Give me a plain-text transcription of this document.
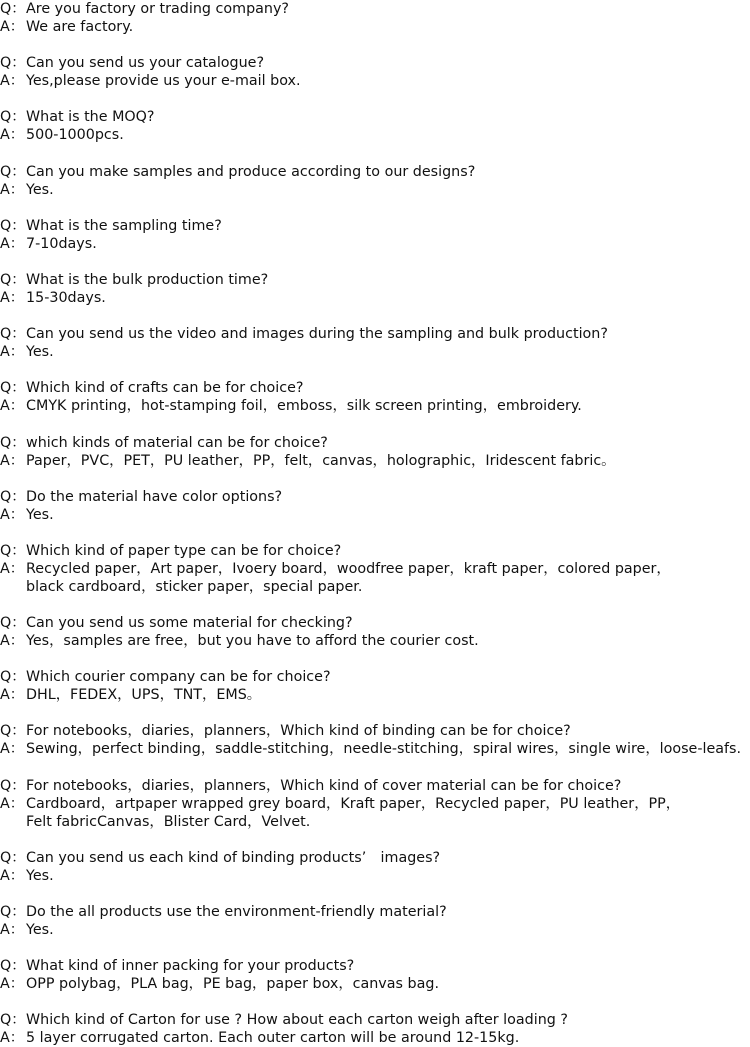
Q：Are you factory or trading company?
A： We are factory.
Q：Can you send us your catalogue?
A： Yes,please provide us your e-mail box.
Q：What is the MOQ?
A： 500-1000pcs.
Q：Can you make samples and produce according to our designs?
A： Yes.
Q：What is the sampling time?
A： 7-10days.
Q：What is the bulk production time?
A： 15-30days.
Q：Can you send us the video and images during the sampling and bulk production?
A： Yes.
Q：Which kind of crafts can be for choice?
A： CMYK printing，hot-stamping foil，emboss，silk screen printing，embroidery.
Q：which kinds of material can be for choice?
A： Paper，PVC，PET，PU leather，PP，felt，canvas，holographic，Iridescent fabric。
Q：Do the material have color options?
A： Yes.
Q：Which kind of paper type can be for choice?
A： Recycled paper，Art paper，Ivoery board，woodfree paper，kraft paper，colored paper，
black cardboard，sticker paper，special paper.
Q：Can you send us some material for checking?
A： Yes，samples are free，but you have to afford the courier cost.
Q：Which courier company can be for choice?
A： DHL，FEDEX，UPS，TNT，EMS。
Q：For notebooks，diaries，planners，Which kind of binding can be for choice?
A： Sewing，perfect binding，saddle-stitching，needle-stitching，spiral wires，single wire，loose-leafs.
Q：For notebooks，diaries，planners，Which kind of cover material can be for choice?
A： Cardboard，artpaper wrapped grey board，Kraft paper，Recycled paper，PU leather，PP，
Felt fabricCanvas，Blister Card，Velvet.
Q：Can you send us each kind of binding products’　images?
A： Yes.
Q：Do the all products use the environment-friendly material?
A： Yes.
Q：What kind of inner packing for your products?
A： OPP polybag，PLA bag，PE bag，paper box，canvas bag.
Q：Which kind of Carton for use ? How about each carton weigh after loading ?
A： 5 layer corrugated carton. Each outer carton will be around 12-15kg.
